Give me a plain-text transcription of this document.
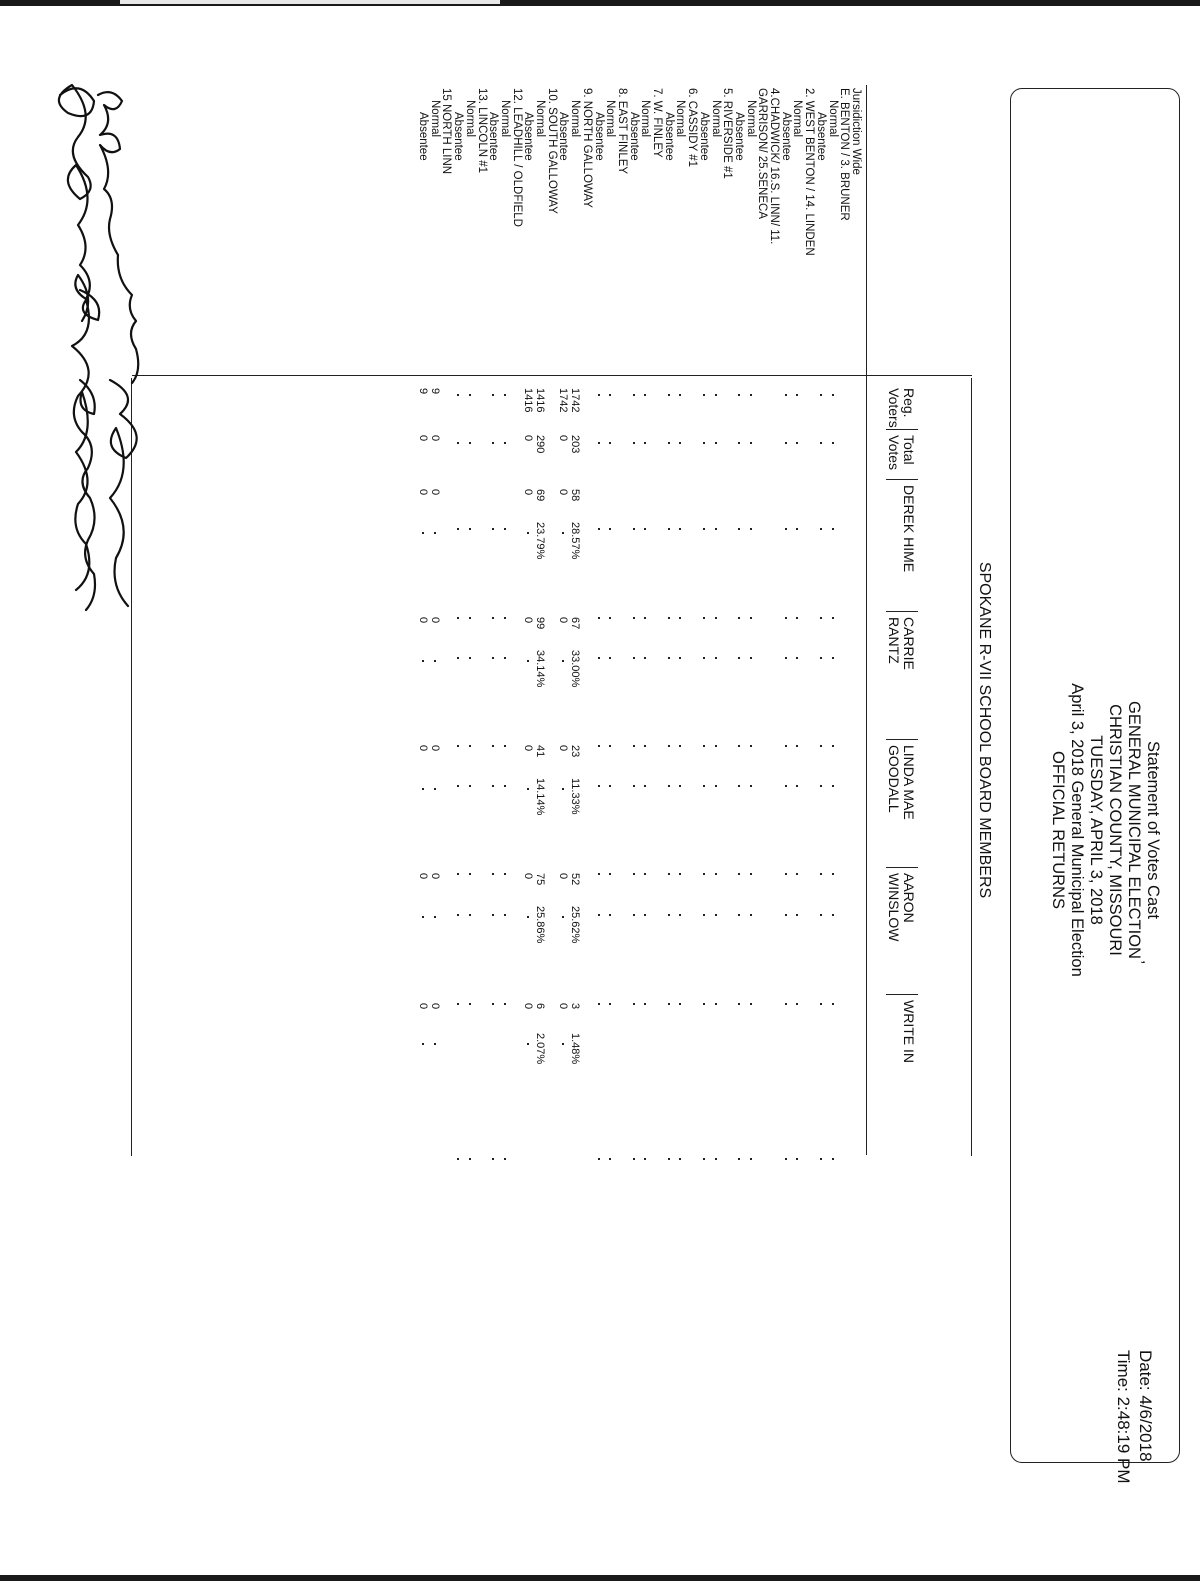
Statement of Votes Cast
GENERAL MUNICIPAL ELECTION
CHRISTIAN COUNTY, MISSOURI
TUESDAY, APRIL 3, 2018
April 3, 2018 General Municipal Election
OFFICIAL RETURNS
,
Date: 4/6/2018
Time: 2:48:19 PM
SPOKANE R-VII SCHOOL BOARD MEMBERS
Reg.
Voters
Total
Votes
DEREK HIME
CARRIE
RANTZ
LINDA MAE
GOODALL
AARON
WINSLOW
WRITE IN
Jursidiction Wide
E. BENTON / 3. BRUNER
Normal
Absentee
2. WEST BENTON / 14. LINDEN
Normal
Absentee
4.CHADWICK/ 16.S. LINN/ 11.
GARRISON/ 25.SENECA
Normal
Absentee
5. RIVERSIDE #1
Normal
Absentee
6. CASSIDY #1
Normal
Absentee
7. W. FINLEY
Normal
Absentee
8. EAST FINLEY
Normal
Absentee
9. NORTH GALLOWAY
Normal
1742
203
58
28.57%
67
33.00%
23
11.33%
52
25.62%
3
1.48%
Absentee
1742
0
0
0
0
0
0
10. SOUTH GALLOWAY
Normal
1416
290
69
23.79%
99
34.14%
41
14.14%
75
25.86%
6
2.07%
Absentee
1416
0
0
0
0
0
0
12. LEADHILL / OLDFIELD
Normal
Absentee
13. LINCOLN #1
Normal
Absentee
15 NORTH LINN
Normal
9
0
0
0
0
0
0
Absentee
9
0
0
0
0
0
0
